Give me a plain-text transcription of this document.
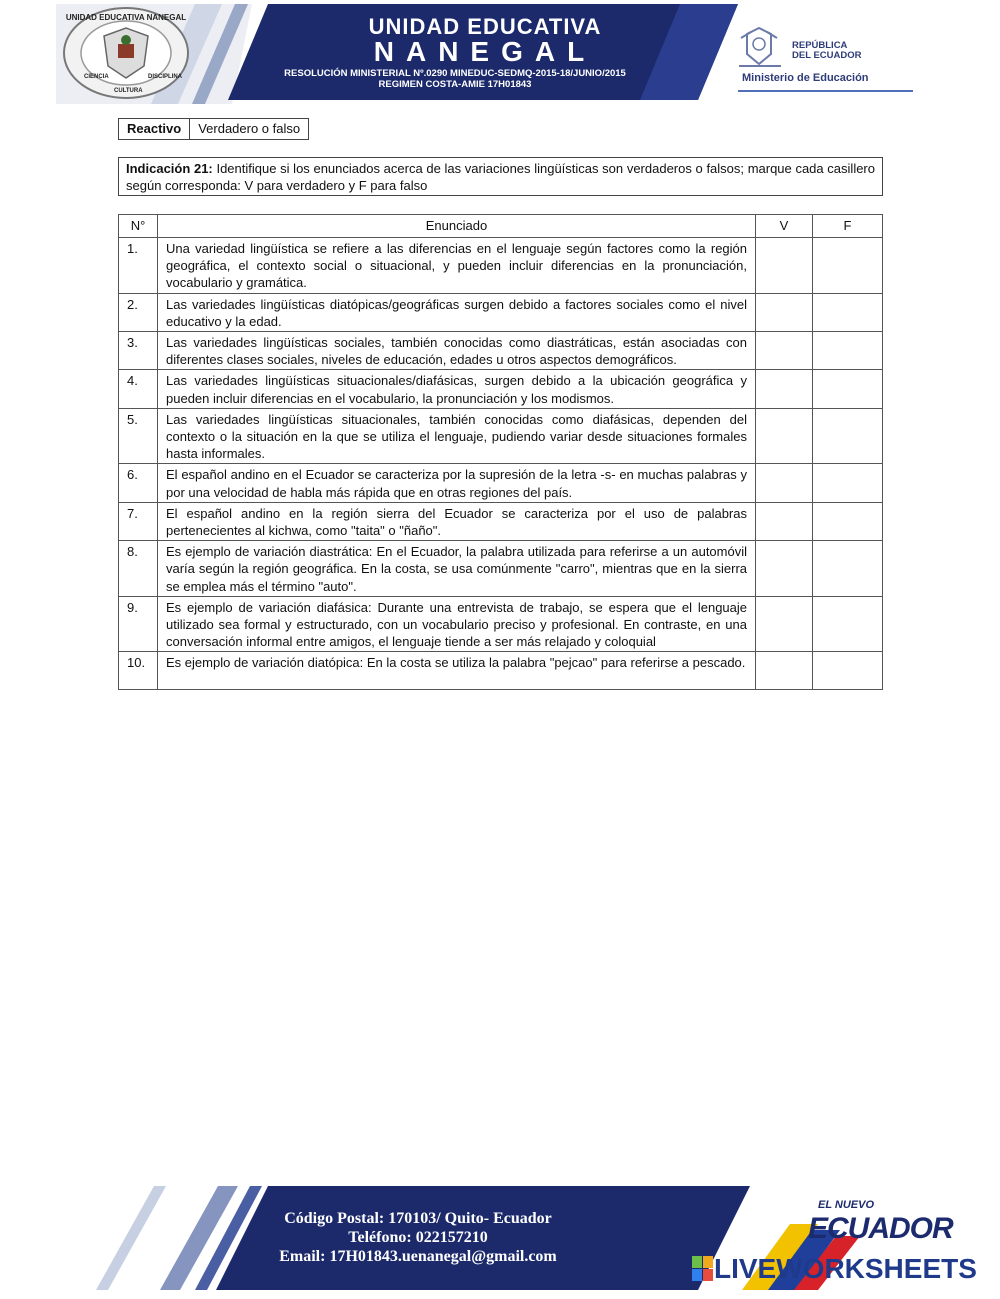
UNIDAD EDUCATIVA NANEGAL
CIENCIA
CULTURA
DISCIPLINA
UNIDAD EDUCATIVA
NANEGAL
RESOLUCIÓN MINISTERIAL Nº.0290 MINEDUC-SEDMQ-2015-18/JUNIO/2015
REGIMEN COSTA-AMIE 17H01843
REPÚBLICA
DEL ECUADOR
Ministerio de Educación
Reactivo	Verdadero o falso
Indicación 21: Identifique si los enunciados acerca de las variaciones lingüísticas son verdaderos o falsos; marque cada casillero según corresponda: V para verdadero y F para falso
N°	Enunciado	V	F
1.	Una variedad lingüística se refiere a las diferencias en el lenguaje según factores como la región geográfica, el contexto social o situacional, y pueden incluir diferencias en la pronunciación, vocabulario y gramática.		
2.	Las variedades lingüísticas diatópicas/geográficas surgen debido a factores sociales como el nivel educativo y la edad.		
3.	Las variedades lingüísticas sociales, también conocidas como diastráticas, están asociadas con diferentes clases sociales, niveles de educación, edades u otros aspectos demográficos.		
4.	Las variedades lingüísticas situacionales/diafásicas, surgen debido a la ubicación geográfica y pueden incluir diferencias en el vocabulario, la pronunciación y los modismos.		
5.	Las variedades lingüísticas situacionales, también conocidas como diafásicas, dependen del contexto o la situación en la que se utiliza el lenguaje, pudiendo variar desde situaciones formales hasta informales.		
6.	El español andino en el Ecuador se caracteriza por la supresión de la letra -s- en muchas palabras y por una velocidad de habla más rápida que en otras regiones del país.		
7.	El español andino en la región sierra del Ecuador se caracteriza por el uso de palabras pertenecientes al kichwa, como "taita" o "ñaño".		
8.	Es ejemplo de variación diastrática: En el Ecuador, la palabra utilizada para referirse a un automóvil varía según la región geográfica. En la costa, se usa comúnmente "carro", mientras que en la sierra se emplea más el término "auto".		
9.	Es ejemplo de variación diafásica: Durante una entrevista de trabajo, se espera que el lenguaje utilizado sea formal y estructurado, con un vocabulario preciso y profesional. En contraste, en una conversación informal entre amigos, el lenguaje tiende a ser más relajado y coloquial		
10.	Es ejemplo de variación diatópica: En la costa se utiliza la palabra "pejcao" para referirse a pescado.		
Código Postal: 170103/ Quito- Ecuador
Teléfono: 022157210
Email: 17H01843.uenanegal@gmail.com
EL NUEVO
ECUADOR
LIVEWORKSHEETS
